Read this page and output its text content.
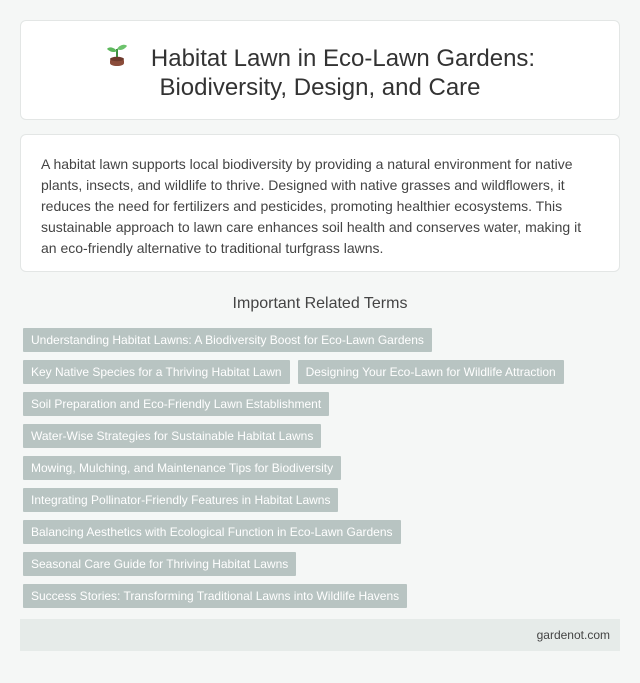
Habitat Lawn in Eco-Lawn Gardens:
Biodiversity, Design, and Care

A habitat lawn supports local biodiversity by providing a natural environment for native plants, insects, and wildlife to thrive. Designed with native grasses and wildflowers, it reduces the need for fertilizers and pesticides, promoting healthier ecosystems. This sustainable approach to lawn care enhances soil health and conserves water, making it an eco-friendly alternative to traditional turfgrass lawns.

Important Related Terms
Understanding Habitat Lawns: A Biodiversity Boost for Eco-Lawn Gardens
Key Native Species for a Thriving Habitat Lawn	Designing Your Eco-Lawn for Wildlife Attraction
Soil Preparation and Eco-Friendly Lawn Establishment
Water-Wise Strategies for Sustainable Habitat Lawns
Mowing, Mulching, and Maintenance Tips for Biodiversity
Integrating Pollinator-Friendly Features in Habitat Lawns
Balancing Aesthetics with Ecological Function in Eco-Lawn Gardens
Seasonal Care Guide for Thriving Habitat Lawns
Success Stories: Transforming Traditional Lawns into Wildlife Havens
gardenot.com
